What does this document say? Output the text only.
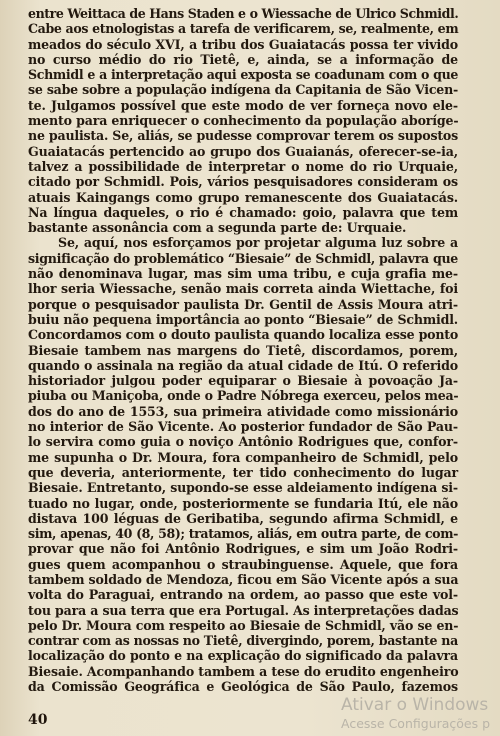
entre Weittaca de Hans Staden e o Wiessache de Ulrico Schmidl.
Cabe aos etnologistas a tarefa de verificarem, se, realmente, em
meados do século XVI, a tribu dos Guaiatacás possa ter vivido
no curso médio do rio Tietê, e, ainda, se a informação de
Schmidl e a interpretação aqui exposta se coadunam com o que
se sabe sobre a população indígena da Capitania de São Vicen-
te. Julgamos possível que este modo de ver forneça novo ele-
mento para enriquecer o conhecimento da população aboríge-
ne paulista. Se, aliás, se pudesse comprovar terem os supostos
Guaiatacás pertencido ao grupo dos Guaianás, oferecer-se-ia,
talvez a possibilidade de interpretar o nome do rio Urquaie,
citado por Schmidl. Pois, vários pesquisadores consideram os
atuais Kaingangs como grupo remanescente dos Guaiatacás.
Na língua daqueles, o rio é chamado: goio, palavra que tem
bastante assonância com a segunda parte de: Urquaie.
Se, aquí, nos esforçamos por projetar alguma luz sobre a
significação do problemático “Biesaie” de Schmidl, palavra que
não denominava lugar, mas sim uma tribu, e cuja grafia me-
lhor seria Wiessache, senão mais correta ainda Wiettache, foi
porque o pesquisador paulista Dr. Gentil de Assis Moura atri-
buiu não pequena importância ao ponto “Biesaie” de Schmidl.
Concordamos com o douto paulista quando localiza esse ponto
Biesaie tambem nas margens do Tietê, discordamos, porem,
quando o assinala na região da atual cidade de Itú. O referido
historiador julgou poder equiparar o Biesaie à povoação Ja-
piuba ou Maniçoba, onde o Padre Nóbrega exerceu, pelos mea-
dos do ano de 1553, sua primeira atividade como missionário
no interior de São Vicente. Ao posterior fundador de São Pau-
lo servira como guia o noviço Antônio Rodrigues que, confor-
me supunha o Dr. Moura, fora companheiro de Schmidl, pelo
que deveria, anteriormente, ter tido conhecimento do lugar
Biesaie. Entretanto, supondo-se esse aldeiamento indígena si-
tuado no lugar, onde, posteriormente se fundaria Itú, ele não
distava 100 léguas de Geribatiba, segundo afirma Schmidl, e
sim, apenas, 40 (8, 58); tratamos, aliás, em outra parte, de com-
provar que não foi Antônio Rodrigues, e sim um João Rodri-
gues quem acompanhou o straubinguense. Aquele, que fora
tambem soldado de Mendoza, ficou em São Vicente após a sua
volta do Paraguai, entrando na ordem, ao passo que este vol-
tou para a sua terra que era Portugal. As interpretações dadas
pelo Dr. Moura com respeito ao Biesaie de Schmidl, vão se en-
contrar com as nossas no Tietê, divergindo, porem, bastante na
localização do ponto e na explicação do significado da palavra
Biesaie. Acompanhando tambem a tese do erudito engenheiro
da Comissão Geográfica e Geológica de São Paulo, fazemos
40
Ativar o Windows
Acesse Configurações p
